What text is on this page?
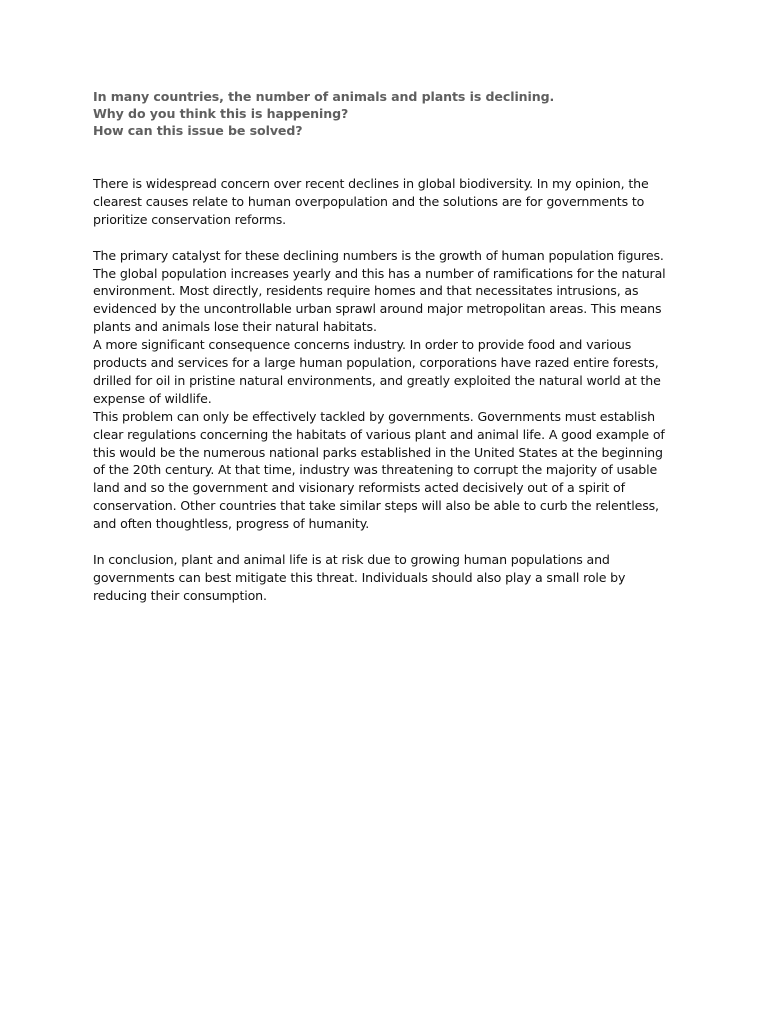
In many countries, the number of animals and plants is declining.
Why do you think this is happening?
How can this issue be solved?
There is widespread concern over recent declines in global biodiversity. In my opinion, the
clearest causes relate to human overpopulation and the solutions are for governments to
prioritize conservation reforms.
The primary catalyst for these declining numbers is the growth of human population figures.
The global population increases yearly and this has a number of ramifications for the natural
environment. Most directly, residents require homes and that necessitates intrusions, as
evidenced by the uncontrollable urban sprawl around major metropolitan areas. This means
plants and animals lose their natural habitats.
A more significant consequence concerns industry. In order to provide food and various
products and services for a large human population, corporations have razed entire forests,
drilled for oil in pristine natural environments, and greatly exploited the natural world at the
expense of wildlife.
This problem can only be effectively tackled by governments. Governments must establish
clear regulations concerning the habitats of various plant and animal life. A good example of
this would be the numerous national parks established in the United States at the beginning
of the 20th century. At that time, industry was threatening to corrupt the majority of usable
land and so the government and visionary reformists acted decisively out of a spirit of
conservation. Other countries that take similar steps will also be able to curb the relentless,
and often thoughtless, progress of humanity.
In conclusion, plant and animal life is at risk due to growing human populations and
governments can best mitigate this threat. Individuals should also play a small role by
reducing their consumption.
